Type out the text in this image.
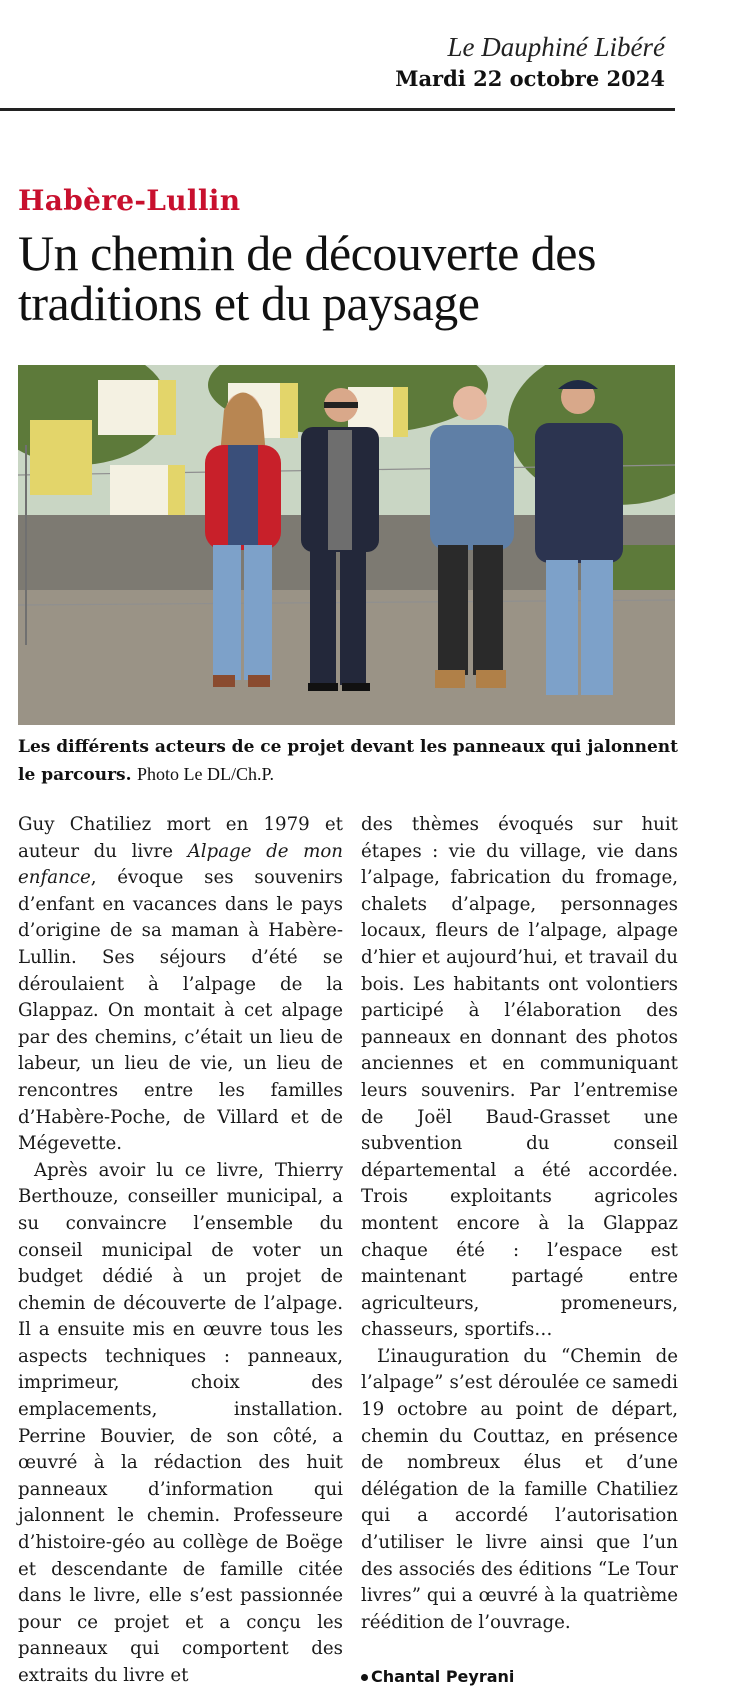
Le Dauphiné Libéré
Mardi 22 octobre 2024
Habère-Lullin
Un chemin de découverte des traditions et du paysage
Les différents acteurs de ce projet devant les panneaux qui jalonnent le parcours. Photo Le DL/Ch.P.

Guy Chatiliez mort en 1979 et auteur du livre Alpage de mon enfance, évoque ses souvenirs d’enfant en vacances dans le pays d’origine de sa maman à Habère-Lullin. Ses séjours d’été se déroulaient à l’alpage de la Glappaz. On montait à cet alpage par des chemins, c’était un lieu de labeur, un lieu de vie, un lieu de rencontres entre les familles d’Habère-Poche, de Villard et de Mégevette.

Après avoir lu ce livre, Thierry Berthouze, conseiller municipal, a su convaincre l’ensemble du conseil municipal de voter un budget dédié à un projet de chemin de découverte de l’alpage. Il a ensuite mis en œuvre tous les aspects techniques : panneaux, imprimeur, choix des emplacements, installation. Perrine Bouvier, de son côté, a œuvré à la rédaction des huit panneaux d’information qui jalonnent le chemin. Professeure d’histoire-géo au collège de Boëge et descendante de famille citée dans le livre, elle s’est passionnée pour ce projet et a conçu les panneaux qui comportent des extraits du livre et

des thèmes évoqués sur huit étapes : vie du village, vie dans l’alpage, fabrication du fromage, chalets d’alpage, personnages locaux, fleurs de l’alpage, alpage d’hier et aujourd’hui, et travail du bois. Les habitants ont volontiers participé à l’élaboration des panneaux en donnant des photos anciennes et en communiquant leurs souvenirs. Par l’entremise de Joël Baud-Grasset une subvention du conseil départemental a été accordée. Trois exploitants agricoles montent encore à la Glappaz chaque été : l’espace est maintenant partagé entre agriculteurs, promeneurs, chasseurs, sportifs…

L’inauguration du “Chemin de l’alpage” s’est déroulée ce samedi 19 octobre au point de départ, chemin du Couttaz, en présence de nombreux élus et d’une délégation de la famille Chatiliez qui a accordé l’autorisation d’utiliser le livre ainsi que l’un des associés des éditions “Le Tour livres” qui a œuvré à la quatrième réédition de l’ouvrage.

Chantal Peyrani
